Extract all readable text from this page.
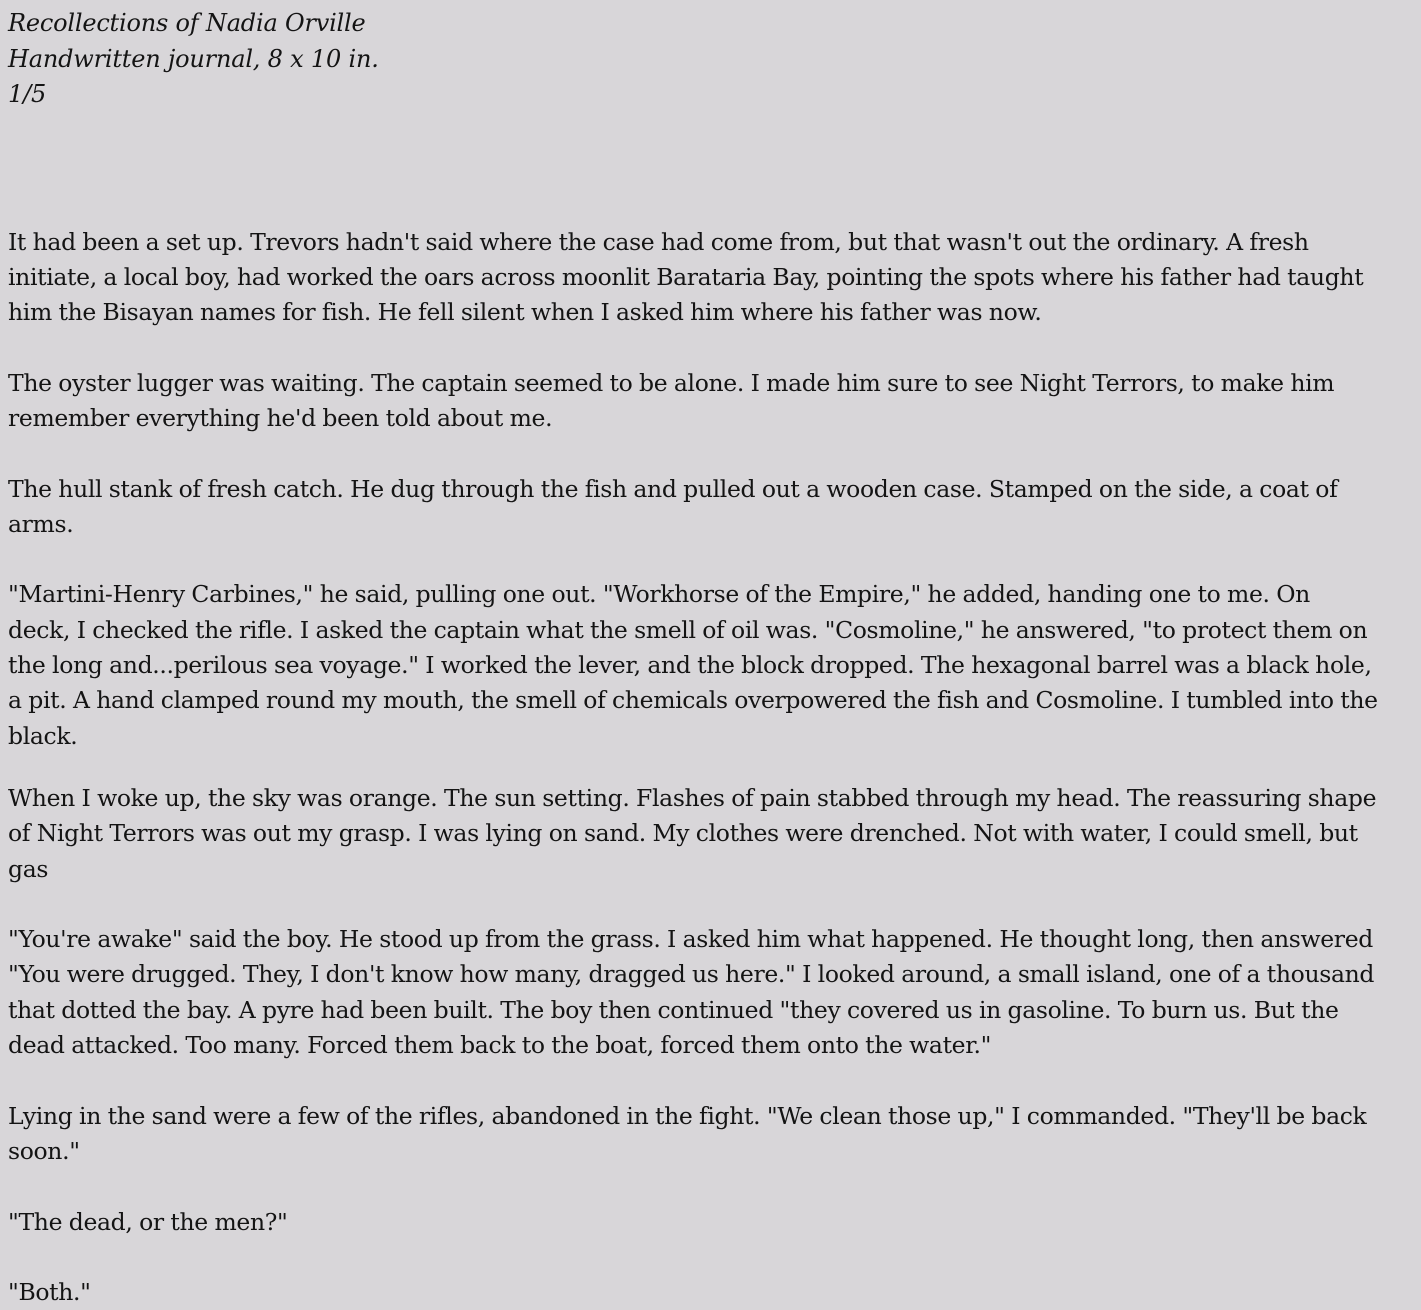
Recollections of Nadia Orville
Handwritten journal, 8 x 10 in.
1/5

It had been a set up. Trevors hadn't said where the case had come from, but that wasn't out the ordinary. A fresh initiate, a local boy, had worked the oars across moonlit Barataria Bay, pointing the spots where his father had taught him the Bisayan names for fish. He fell silent when I asked him where his father was now.

The oyster lugger was waiting. The captain seemed to be alone. I made him sure to see Night Terrors, to make him remember everything he'd been told about me.

The hull stank of fresh catch. He dug through the fish and pulled out a wooden case. Stamped on the side, a coat of arms.

"Martini-Henry Carbines," he said, pulling one out. "Workhorse of the Empire," he added, handing one to me. On deck, I checked the rifle. I asked the captain what the smell of oil was. "Cosmoline," he answered, "to protect them on the long and...perilous sea voyage." I worked the lever, and the block dropped. The hexagonal barrel was a black hole, a pit. A hand clamped round my mouth, the smell of chemicals overpowered the fish and Cosmoline. I tumbled into the black.

When I woke up, the sky was orange. The sun setting. Flashes of pain stabbed through my head. The reassuring shape of Night Terrors was out my grasp. I was lying on sand. My clothes were drenched. Not with water, I could smell, but gas

"You're awake" said the boy. He stood up from the grass. I asked him what happened. He thought long, then answered "You were drugged. They, I don't know how many, dragged us here." I looked around, a small island, one of a thousand that dotted the bay. A pyre had been built. The boy then continued "they covered us in gasoline. To burn us. But the dead attacked. Too many. Forced them back to the boat, forced them onto the water."

Lying in the sand were a few of the rifles, abandoned in the fight. "We clean those up," I commanded. "They'll be back soon."

"The dead, or the men?"

"Both."
